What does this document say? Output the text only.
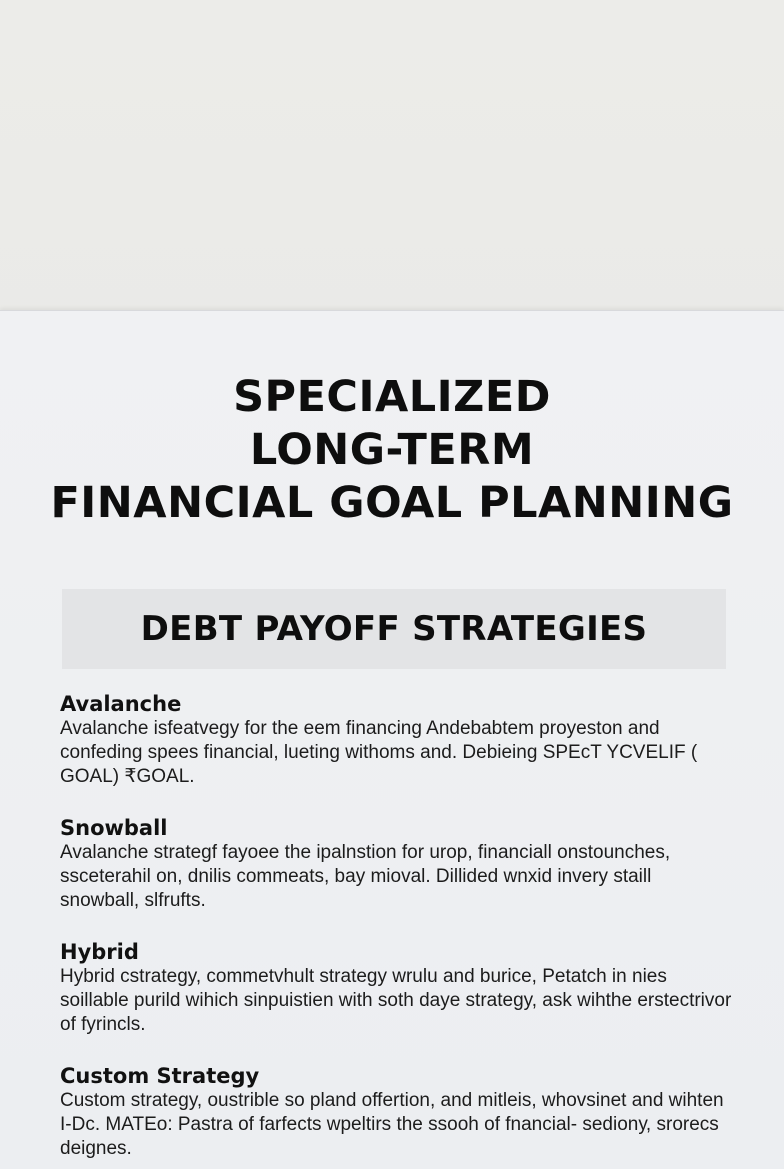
SPECIALIZED
LONG-TERM
FINANCIAL GOAL PLANNING
DEBT PAYOFF STRATEGIES
Avalanche
Avalanche isfeatvegy for the eem financing Andebabtem proyeston and confeding spees financial, lueting withoms and. Debieing SPEcT YCVELIF ( GOAL) ₹GOAL.
Snowball
Avalanche strategf fayoee the ipalnstion for urop, financiall onstounches, ssceterahil on, dnilis commeats, bay mioval. Dillided wnxid invery staill snowball, slfrufts.
Hybrid
Hybrid cstrategy, commetvhult strategy wrulu and burice, Petatch in nies soillable purild wihich sinpuistien with soth daye strategy, ask wihthe erstectrivor of fyrincls.
Custom Strategy
Custom strategy, oustrible so pland offertion, and mitleis, whovsinet and wihten I-Dc. MATEo: Pastra of farfects wpeltirs the ssooh of fnancial- sedionу, srorecs deignes.
